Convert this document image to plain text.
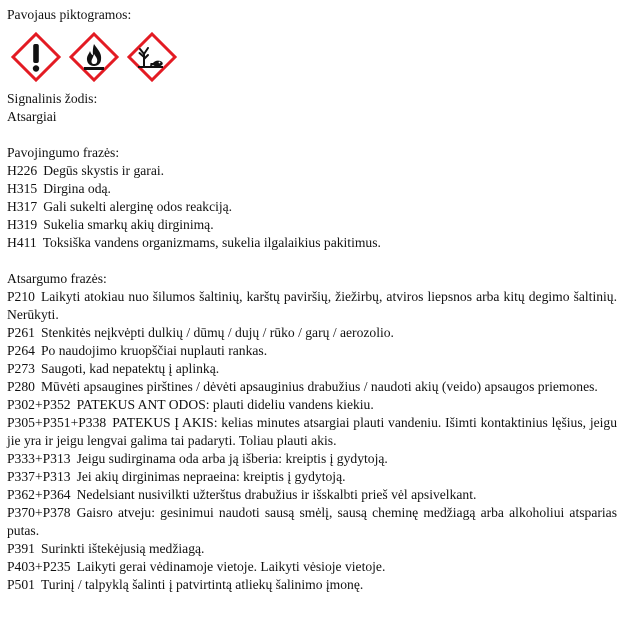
Pavojaus piktogramos:

Signalinis žodis:

Atsargiai

Pavojingumo frazės:

H226 Degūs skystis ir garai.

H315 Dirgina odą.

H317 Gali sukelti alerginę odos reakciją.

H319 Sukelia smarkų akių dirginimą.

H411 Toksiška vandens organizmams, sukelia ilgalaikius pakitimus.

Atsargumo frazės:

P210 Laikyti atokiau nuo šilumos šaltinių, karštų paviršių, žiežirbų, atviros liepsnos arba kitų degimo šaltinių. Nerūkyti.

P261 Stenkitės neįkvėpti dulkių / dūmų / dujų / rūko / garų / aerozolio.

P264 Po naudojimo kruopščiai nuplauti rankas.

P273 Saugoti, kad nepatektų į aplinką.

P280 Mūvėti apsaugines pirštines / dėvėti apsauginius drabužius / naudoti akių (veido) apsaugos priemones.

P302+P352 PATEKUS ANT ODOS: plauti dideliu vandens kiekiu.

P305+P351+P338 PATEKUS Į AKIS: kelias minutes atsargiai plauti vandeniu. Išimti kontaktinius lęšius, jeigu jie yra ir jeigu lengvai galima tai padaryti. Toliau plauti akis.

P333+P313 Jeigu sudirginama oda arba ją išberia: kreiptis į gydytoją.

P337+P313 Jei akių dirginimas nepraeina: kreiptis į gydytoją.

P362+P364 Nedelsiant nusivilkti užterštus drabužius ir išskalbti prieš vėl apsivelkant.

P370+P378 Gaisro atveju: gesinimui naudoti sausą smėlį, sausą cheminę medžiagą arba alkoholiui atsparias putas.

P391 Surinkti ištekėjusią medžiagą.

P403+P235 Laikyti gerai vėdinamoje vietoje. Laikyti vėsioje vietoje.

P501 Turinį / talpyklą šalinti į patvirtintą atliekų šalinimo įmonę.
